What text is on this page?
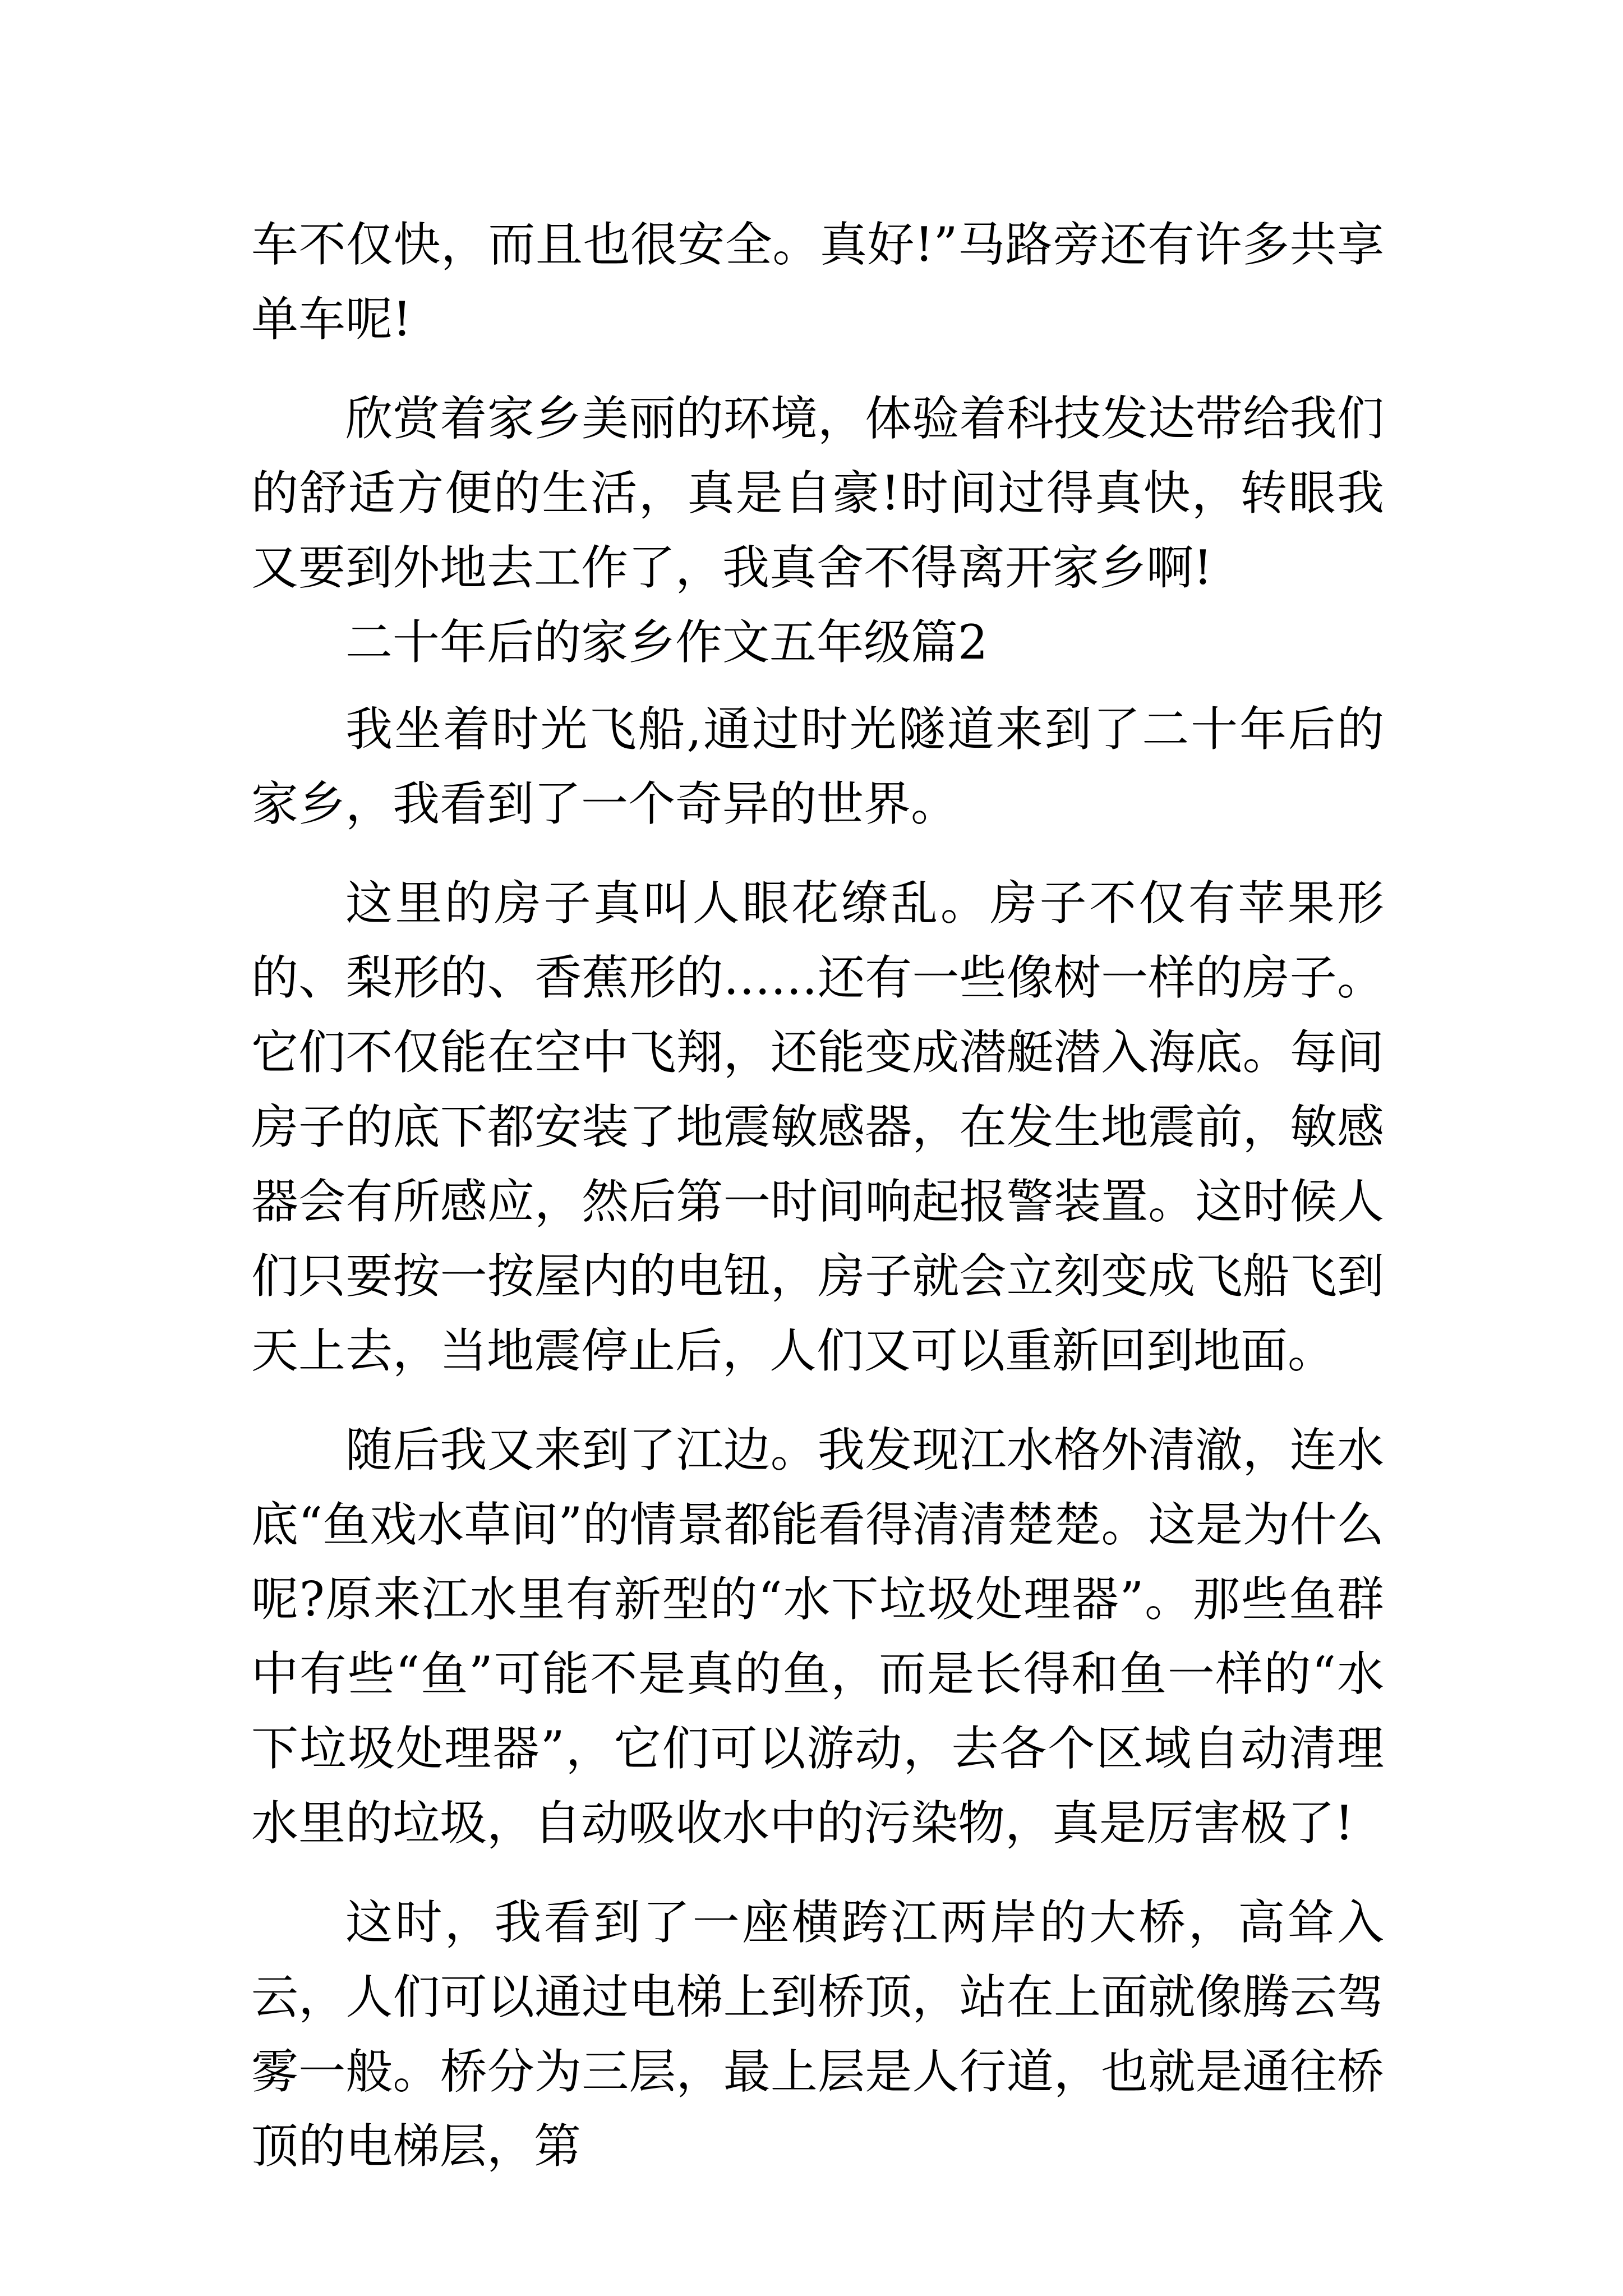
车不仅快，而且也很安全。真好!”马路旁还有许多共享单车呢!

欣赏着家乡美丽的环境，体验着科技发达带给我们的舒适方便的生活，真是自豪!时间过得真快，转眼我又要到外地去工作了，我真舍不得离开家乡啊!

二十年后的家乡作文五年级篇2

我坐着时光飞船,通过时光隧道来到了二十年后的家乡，我看到了一个奇异的世界。

这里的房子真叫人眼花缭乱。房子不仅有苹果形的、梨形的、香蕉形的……还有一些像树一样的房子。它们不仅能在空中飞翔，还能变成潜艇潜入海底。每间房子的底下都安装了地震敏感器，在发生地震前，敏感器会有所感应，然后第一时间响起报警装置。这时候人们只要按一按屋内的电钮，房子就会立刻变成飞船飞到天上去，当地震停止后，人们又可以重新回到地面。

随后我又来到了江边。我发现江水格外清澈，连水底“鱼戏水草间”的情景都能看得清清楚楚。这是为什么呢?原来江水里有新型的“水下垃圾处理器”。那些鱼群中有些“鱼”可能不是真的鱼，而是长得和鱼一样的“水下垃圾处理器”，它们可以游动，去各个区域自动清理水里的垃圾，自动吸收水中的污染物，真是厉害极了!

这时，我看到了一座横跨江两岸的大桥，高耸入云，人们可以通过电梯上到桥顶，站在上面就像腾云驾雾一般。桥分为三层，最上层是人行道，也就是通往桥顶的电梯层，第
